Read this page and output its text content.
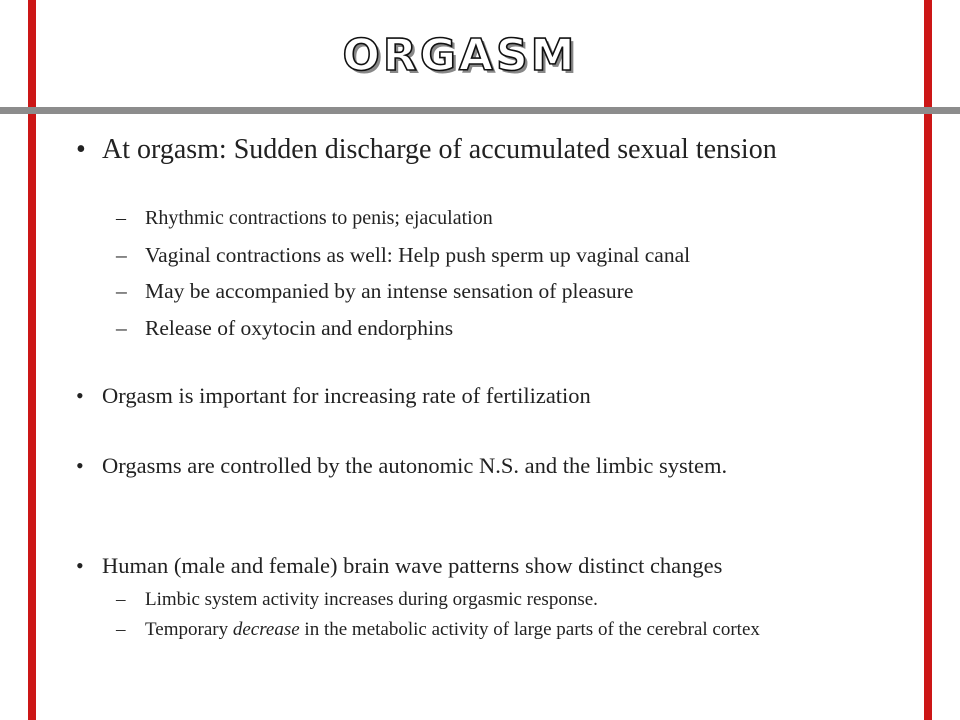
ORGASM
• At orgasm: Sudden discharge of accumulated sexual tension
– Rhythmic contractions to penis; ejaculation
– Vaginal contractions as well: Help push sperm up vaginal canal
– May be accompanied by an intense sensation of pleasure
– Release of oxytocin and endorphins
• Orgasm is important for increasing rate of fertilization
• Orgasms are controlled by the autonomic N.S. and the limbic system.
• Human (male and female) brain wave patterns show distinct changes
– Limbic system activity increases during orgasmic response.
– Temporary decrease in the metabolic activity of large parts of the cerebral cortex
